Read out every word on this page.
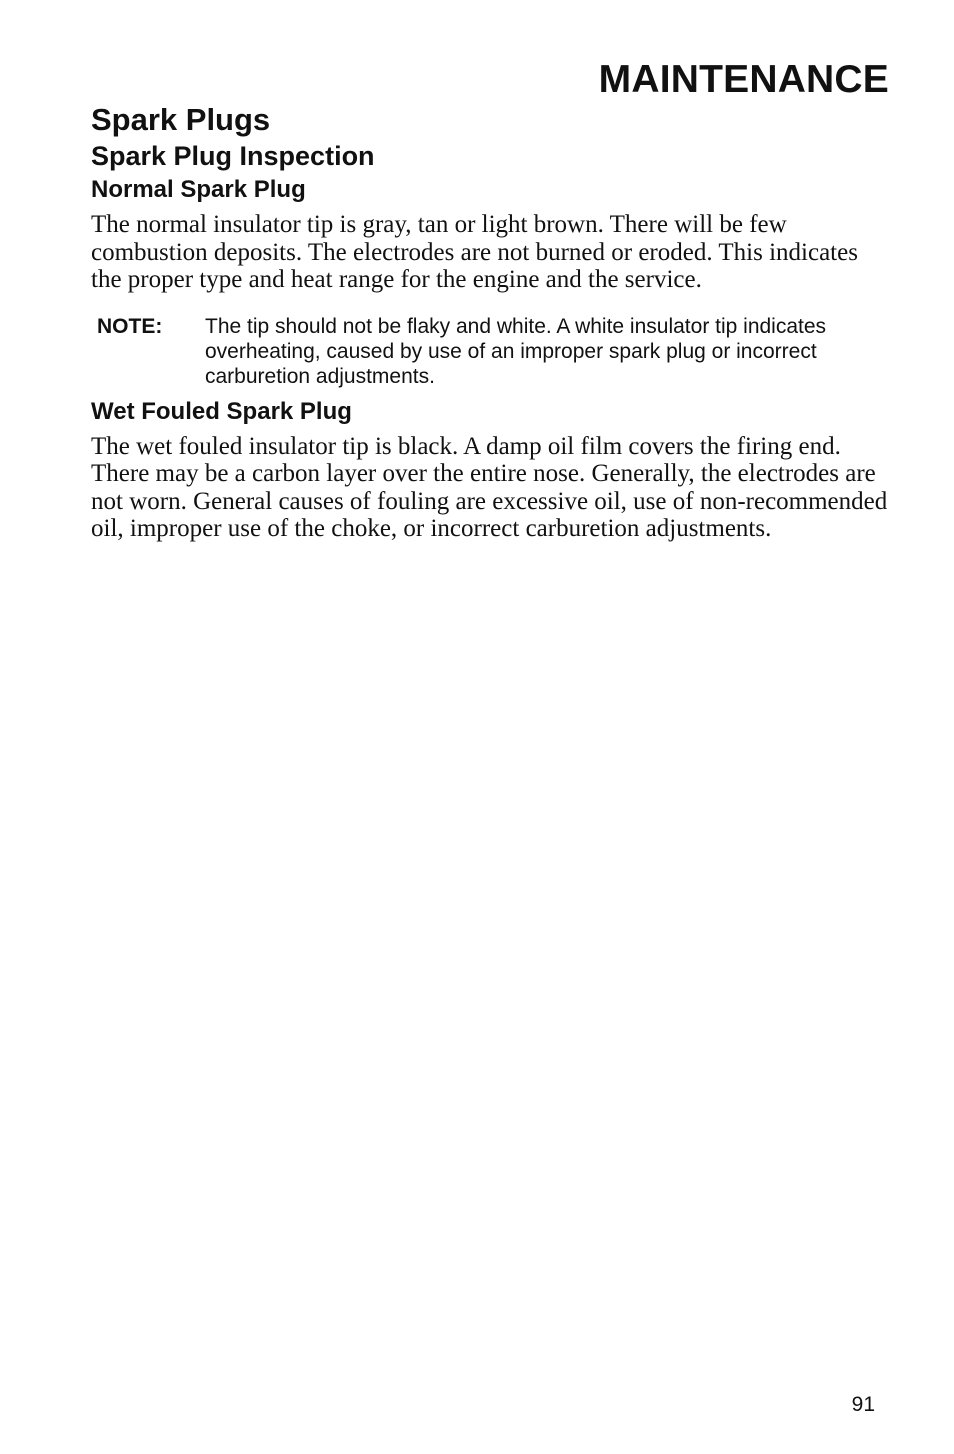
MAINTENANCE
Spark Plugs
Spark Plug Inspection
Normal Spark Plug

The normal insulator tip is gray, tan or light brown. There will be few combustion deposits. The electrodes are not burned or eroded. This indicates the proper type and heat range for the engine and the service.

NOTE:	The tip should not be flaky and white. A white insulator tip indicates overheating, caused by use of an improper spark plug or incorrect carburetion adjustments.
Wet Fouled Spark Plug

The wet fouled insulator tip is black. A damp oil film covers the firing end. There may be a carbon layer over the entire nose. Generally, the electrodes are not worn. General causes of fouling are excessive oil, use of non-recommended oil, improper use of the choke, or incorrect carburetion adjustments.

91
